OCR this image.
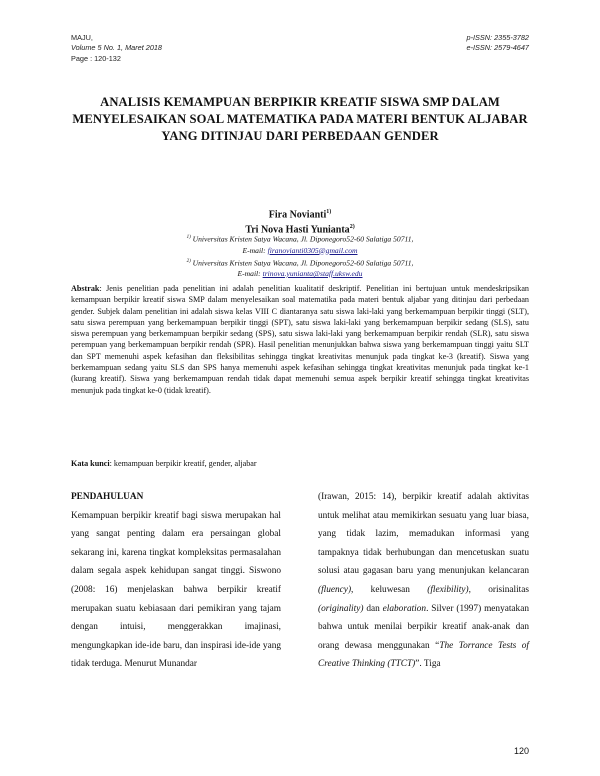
MAJU,
Volume 5 No. 1, Maret 2018
Page : 120-132
p-ISSN: 2355-3782
e-ISSN: 2579-4647
ANALISIS KEMAMPUAN BERPIKIR KREATIF SISWA SMP DALAM MENYELESAIKAN SOAL MATEMATIKA PADA MATERI BENTUK ALJABAR YANG DITINJAU DARI PERBEDAAN GENDER
Fira Novianti$^{1)}$
Tri Nova Hasti Yunianta$^{2)}$
$^{1)}$ Universitas Kristen Satya Wacana, Jl. Diponegoro52-60 Salatiga 50711,
E-mail: firanovianti0305@gmail.com
$^{2)}$ Universitas Kristen Satya Wacana, Jl. Diponegoro52-60 Salatiga 50711,
E-mail: trinova.yunianta@staff.uksw.edu
Abstrak: Jenis penelitian pada penelitian ini adalah penelitian kualitatif deskriptif. Penelitian ini bertujuan untuk mendeskripsikan kemampuan berpikir kreatif siswa SMP dalam menyelesaikan soal matematika pada materi bentuk aljabar yang ditinjau dari perbedaan gender. Subjek dalam penelitian ini adalah siswa kelas VIII C diantaranya satu siswa laki-laki yang berkemampuan berpikir tinggi (SLT), satu siswa perempuan yang berkemampuan berpikir tinggi (SPT), satu siswa laki-laki yang berkemampuan berpikir sedang (SLS), satu siswa perempuan yang berkemampuan berpikir sedang (SPS), satu siswa laki-laki yang berkemampuan berpikir rendah (SLR), satu siswa perempuan yang berkemampuan berpikir rendah (SPR). Hasil penelitian menunjukkan bahwa siswa yang berkemampuan tinggi yaitu SLT dan SPT memenuhi aspek kefasihan dan fleksibilitas sehingga tingkat kreativitas menunjuk pada tingkat ke-3 (kreatif). Siswa yang berkemampuan sedang yaitu SLS dan SPS hanya memenuhi aspek kefasihan sehingga tingkat kreativitas menunjuk pada tingkat ke-1 (kurang kreatif). Siswa yang berkemampuan rendah tidak dapat memenuhi semua aspek berpikir kreatif sehingga tingkat kreativitas menunjuk pada tingkat ke-0 (tidak kreatif).
Kata kunci: kemampuan berpikir kreatif, gender, aljabar
PENDAHULUAN
Kemampuan berpikir kreatif bagi siswa merupakan hal yang sangat penting dalam era persaingan global sekarang ini, karena tingkat kompleksitas permasalahan dalam segala aspek kehidupan sangat tinggi. Siswono (2008: 16) menjelaskan bahwa berpikir kreatif merupakan suatu kebiasaan dari pemikiran yang tajam dengan intuisi, menggerakkan imajinasi, mengungkapkan ide-ide baru, dan inspirasi ide-ide yang tidak terduga. Menurut Munandar
(Irawan, 2015: 14), berpikir kreatif adalah aktivitas untuk melihat atau memikirkan sesuatu yang luar biasa, yang tidak lazim, memadukan informasi yang tampaknya tidak berhubungan dan mencetuskan suatu solusi atau gagasan baru yang menunjukan kelancaran (fluency), keluwesan (flexibility), orisinalitas (originality) dan elaboration. Silver (1997) menyatakan bahwa untuk menilai berpikir kreatif anak-anak dan orang dewasa menggunakan “The Torrance Tests of Creative Thinking (TTCT)”. Tiga
120
